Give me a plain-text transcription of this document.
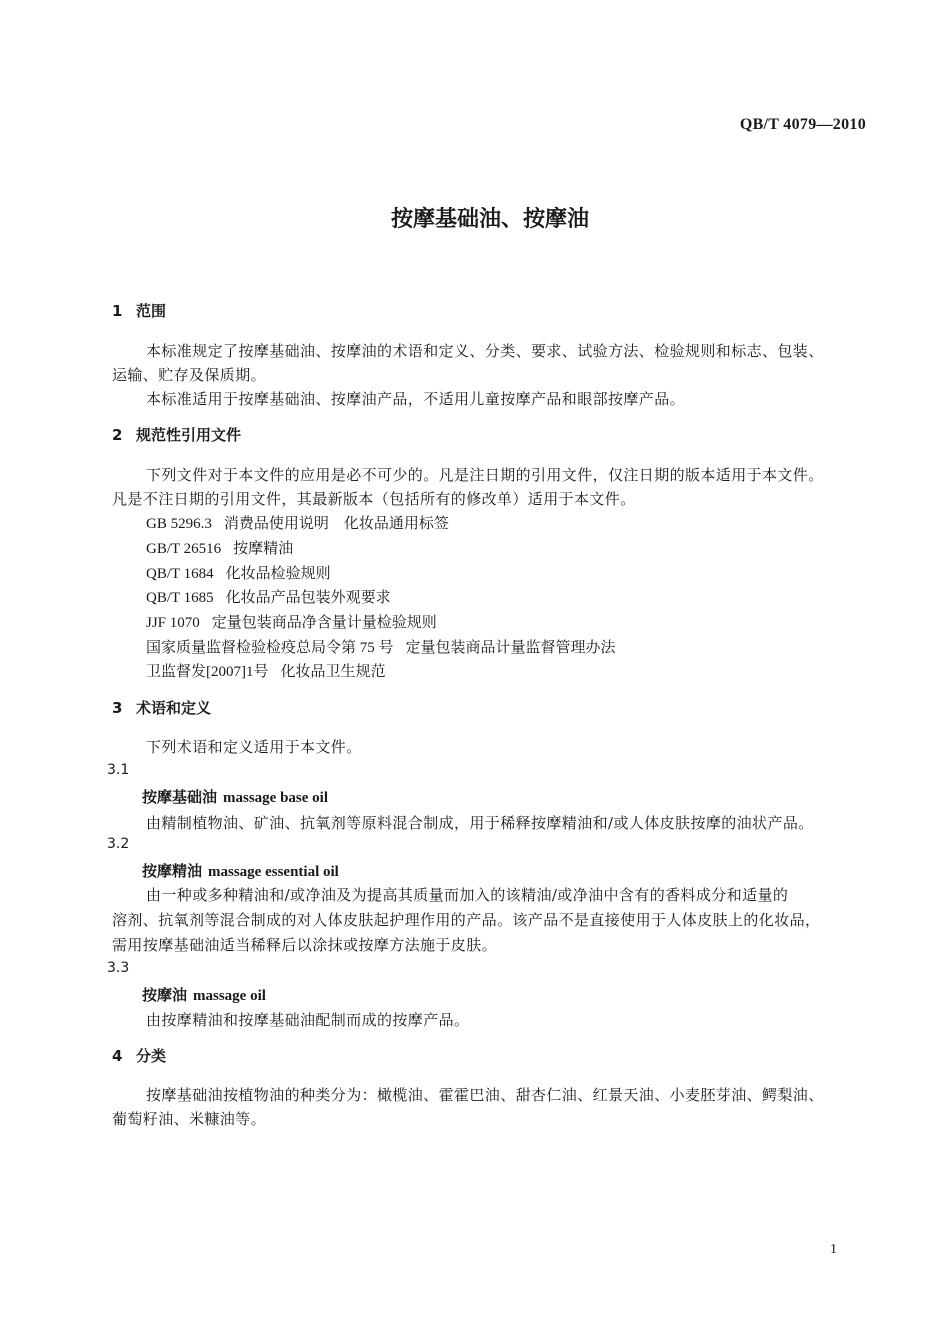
QB/T 4079—2010
按摩基础油、按摩油
1 范围
本标准规定了按摩基础油、按摩油的术语和定义、分类、要求、试验方法、检验规则和标志、包装、
运输、贮存及保质期。
本标准适用于按摩基础油、按摩油产品，不适用儿童按摩产品和眼部按摩产品。
2 规范性引用文件
下列文件对于本文件的应用是必不可少的。凡是注日期的引用文件，仅注日期的版本适用于本文件。
凡是不注日期的引用文件，其最新版本（包括所有的修改单）适用于本文件。
GB 5296.3 消费品使用说明　化妆品通用标签
GB/T 26516 按摩精油
QB/T 1684 化妆品检验规则
QB/T 1685 化妆品产品包装外观要求
JJF 1070 定量包装商品净含量计量检验规则
国家质量监督检验检疫总局令第 75 号 定量包装商品计量监督管理办法
卫监督发[2007]1号 化妆品卫生规范
3 术语和定义
下列术语和定义适用于本文件。
3.1
按摩基础油 massage base oil
由精制植物油、矿油、抗氧剂等原料混合制成，用于稀释按摩精油和/或人体皮肤按摩的油状产品。
3.2
按摩精油 massage essential oil
由一种或多种精油和/或净油及为提高其质量而加入的该精油/或净油中含有的香料成分和适量的
溶剂、抗氧剂等混合制成的对人体皮肤起护理作用的产品。该产品不是直接使用于人体皮肤上的化妆品，
需用按摩基础油适当稀释后以涂抹或按摩方法施于皮肤。
3.3
按摩油 massage oil
由按摩精油和按摩基础油配制而成的按摩产品。
4 分类
按摩基础油按植物油的种类分为：橄榄油、霍霍巴油、甜杏仁油、红景天油、小麦胚芽油、鳄梨油、
葡萄籽油、米糠油等。
1
